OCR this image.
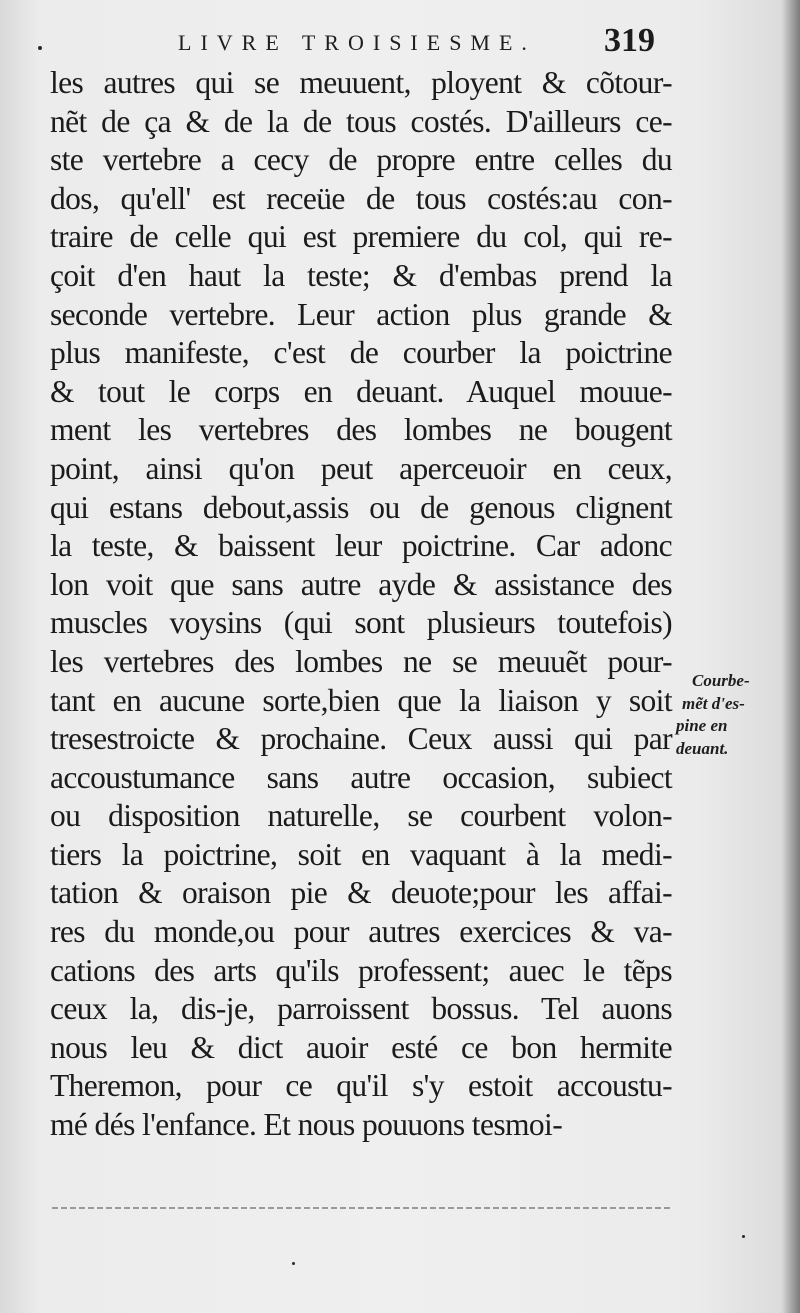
LIVRE TROISIESME. 319
les autres qui se meuuent, ployent & cõtour-
nẽt de ça & de la de tous costés. D'ailleurs ce-
ste vertebre a cecy de propre entre celles du
dos, qu'ell' est receüe de tous costés:au con-
traire de celle qui est premiere du col, qui re-
çoit d'en haut la teste; & d'embas prend la
seconde vertebre. Leur action plus grande &
plus manifeste, c'est de courber la poictrine
& tout le corps en deuant. Auquel mouue-
ment les vertebres des lombes ne bougent
point, ainsi qu'on peut aperceuoir en ceux,
qui estans debout,assis ou de genous clignent
la teste, & baissent leur poictrine. Car adonc
lon voit que sans autre ayde & assistance des
muscles voysins (qui sont plusieurs toutefois)
les vertebres des lombes ne se meuuẽt pour-
tant en aucune sorte,bien que la liaison y soit
tresestroicte & prochaine. Ceux aussi qui par
accoustumance sans autre occasion, subiect
ou disposition naturelle, se courbent volon-
tiers la poictrine, soit en vaquant à la medi-
tation & oraison pie & deuote;pour les affai-
res du monde,ou pour autres exercices & va-
cations des arts qu'ils professent; auec le tẽps
ceux la, dis-je, parroissent bossus. Tel auons
nous leu & dict auoir esté ce bon hermite
Theremon, pour ce qu'il s'y estoit accoustu-
mé dés l'enfance. Et nous pouuons tesmoi-
Courbe-
mẽt d'es-
pine en
deuant.
